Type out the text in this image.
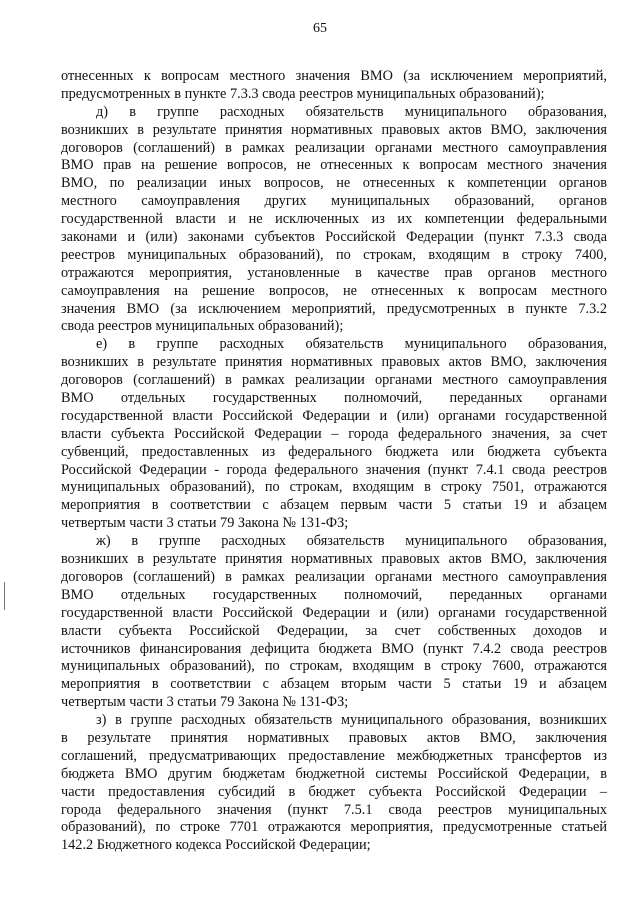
65
отнесенных к вопросам местного значения ВМО (за исключением мероприятий,
предусмотренных в пункте 7.3.3 свода реестров муниципальных образований);
д) в группе расходных обязательств муниципального образования,
возникших в результате принятия нормативных правовых актов ВМО, заключения
договоров (соглашений) в рамках реализации органами местного самоуправления
ВМО прав на решение вопросов, не отнесенных к вопросам местного значения
ВМО, по реализации иных вопросов, не отнесенных к компетенции органов
местного самоуправления других муниципальных образований, органов
государственной власти и не исключенных из их компетенции федеральными
законами и (или) законами субъектов Российской Федерации (пункт 7.3.3 свода
реестров муниципальных образований), по строкам, входящим в строку 7400,
отражаются мероприятия, установленные в качестве прав органов местного
самоуправления на решение вопросов, не отнесенных к вопросам местного
значения ВМО (за исключением мероприятий, предусмотренных в пункте 7.3.2
свода реестров муниципальных образований);
е) в группе расходных обязательств муниципального образования,
возникших в результате принятия нормативных правовых актов ВМО, заключения
договоров (соглашений) в рамках реализации органами местного самоуправления
ВМО отдельных государственных полномочий, переданных органами
государственной власти Российской Федерации и (или) органами государственной
власти субъекта Российской Федерации – города федерального значения, за счет
субвенций, предоставленных из федерального бюджета или бюджета субъекта
Российской Федерации - города федерального значения (пункт 7.4.1 свода реестров
муниципальных образований), по строкам, входящим в строку 7501, отражаются
мероприятия в соответствии с абзацем первым части 5 статьи 19 и абзацем
четвертым части 3 статьи 79 Закона № 131-ФЗ;
ж) в группе расходных обязательств муниципального образования,
возникших в результате принятия нормативных правовых актов ВМО, заключения
договоров (соглашений) в рамках реализации органами местного самоуправления
ВМО отдельных государственных полномочий, переданных органами
государственной власти Российской Федерации и (или) органами государственной
власти субъекта Российской Федерации, за счет собственных доходов и
источников финансирования дефицита бюджета ВМО (пункт 7.4.2 свода реестров
муниципальных образований), по строкам, входящим в строку 7600, отражаются
мероприятия в соответствии с абзацем вторым части 5 статьи 19 и абзацем
четвертым части 3 статьи 79 Закона № 131-ФЗ;
з) в группе расходных обязательств муниципального образования, возникших
в результате принятия нормативных правовых актов ВМО, заключения
соглашений, предусматривающих предоставление межбюджетных трансфертов из
бюджета ВМО другим бюджетам бюджетной системы Российской Федерации, в
части предоставления субсидий в бюджет субъекта Российской Федерации –
города федерального значения (пункт 7.5.1 свода реестров муниципальных
образований), по строке 7701 отражаются мероприятия, предусмотренные статьей
142.2 Бюджетного кодекса Российской Федерации;
